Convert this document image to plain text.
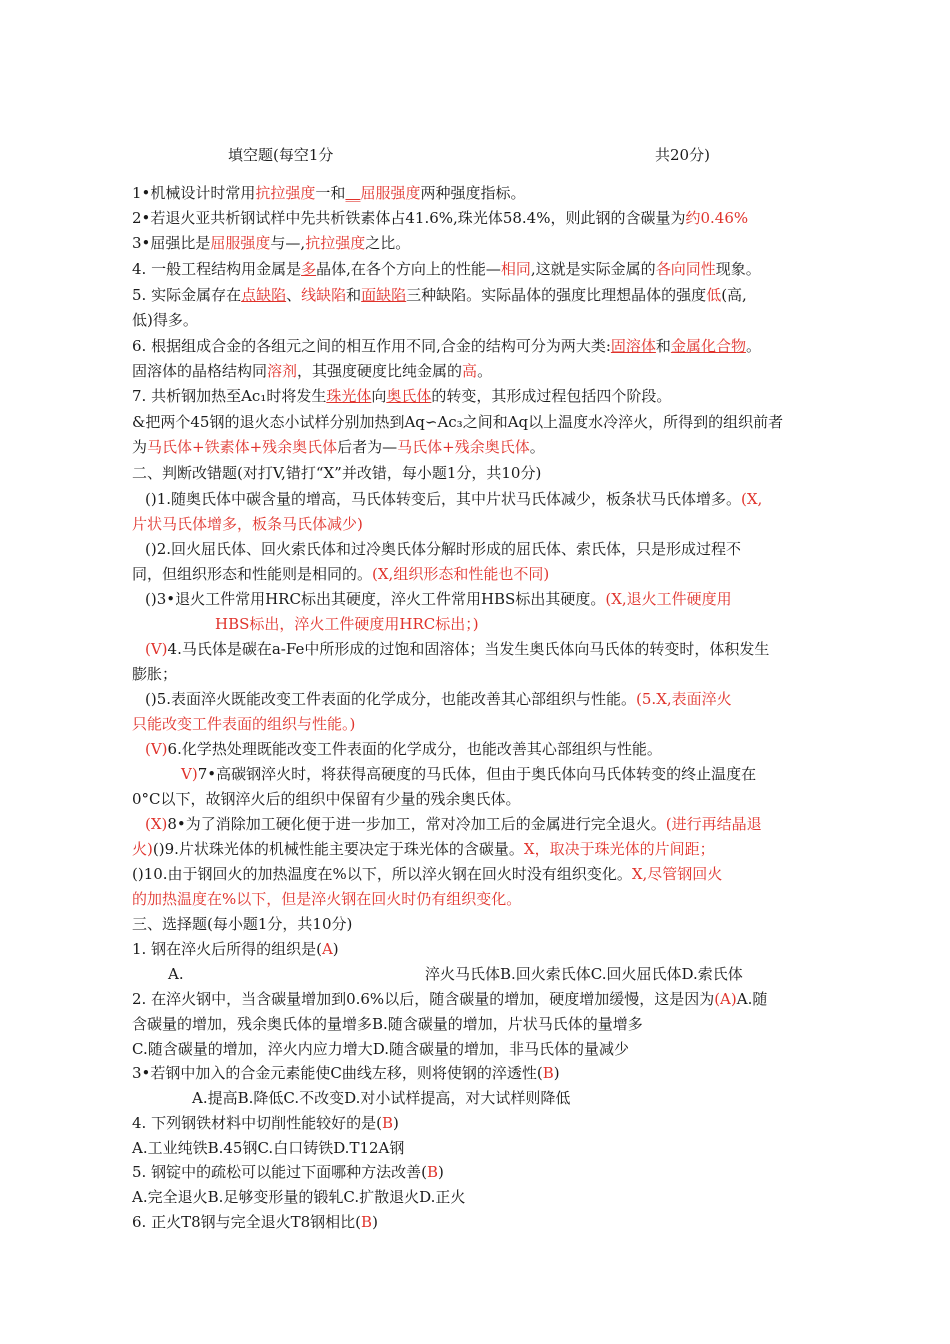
填空题(每空1分	共20分)
1•机械设计时常用抗拉强度一和__屈服强度两种强度指标。
2•若退火亚共析钢试样中先共析铁素体占41.6%,珠光体58.4%，则此钢的含碳量为约0.46%
3•屈强比是屈服强度与—,抗拉强度之比。
4. 一般工程结构用金属是多晶体,在各个方向上的性能—相同,这就是实际金属的各向同性现象。
5. 实际金属存在点缺陷、线缺陷和面缺陷三种缺陷。实际晶体的强度比理想晶体的强度低(高,
低)得多。
6. 根据组成合金的各组元之间的相互作用不同,合金的结构可分为两大类:固溶体和金属化合物。
固溶体的晶格结构同溶剂，其强度硬度比纯金属的高。
7. 共析钢加热至Ac₁时将发生珠光体向奥氏体的转变，其形成过程包括四个阶段。
&把两个45钢的退火态小试样分别加热到Aq∽Ac₃之间和Aq以上温度水冷淬火，所得到的组织前者
为马氏体+铁素体+残余奥氏体后者为—马氏体+残余奥氏体。
二、判断改错题(对打V,错打“X”并改错，每小题1分，共10分)
()1.随奥氏体中碳含量的增高，马氏体转变后，其中片状马氏体减少，板条状马氏体增多。(X,
片状马氏体增多，板条马氏体减少)
()2.回火屈氏体、回火索氏体和过冷奥氏体分解时形成的屈氏体、索氏体，只是形成过程不
同，但组织形态和性能则是相同的。(X,组织形态和性能也不同)
()3•退火工件常用HRC标出其硬度，淬火工件常用HBS标出其硬度。(X,退火工件硬度用
HBS标出，淬火工件硬度用HRC标出；)
(V)4.马氏体是碳在a-Fe中所形成的过饱和固溶体；当发生奥氏体向马氏体的转变时，体积发生
膨胀；
()5.表面淬火既能改变工件表面的化学成分，也能改善其心部组织与性能。(5.X,表面淬火
只能改变工件表面的组织与性能。)
(V)6.化学热处理既能改变工件表面的化学成分，也能改善其心部组织与性能。
V)7•高碳钢淬火时，将获得高硬度的马氏体，但由于奥氏体向马氏体转变的终止温度在
0°C以下，故钢淬火后的组织中保留有少量的残余奥氏体。
(X)8•为了消除加工硬化便于进一步加工，常对冷加工后的金属进行完全退火。(进行再结晶退
火)()9.片状珠光体的机械性能主要决定于珠光体的含碳量。X，取决于珠光体的片间距；
()10.由于钢回火的加热温度在%以下，所以淬火钢在回火时没有组织变化。X,尽管钢回火
的加热温度在%以下，但是淬火钢在回火时仍有组织变化。
三、选择题(每小题1分，共10分)
1. 钢在淬火后所得的组织是(A)
A.	淬火马氏体B.回火索氏体C.回火屈氏体D.索氏体
2. 在淬火钢中，当含碳量增加到0.6%以后，随含碳量的增加，硬度增加缓慢，这是因为(A)A.随
含碳量的增加，残余奥氏体的量增多B.随含碳量的增加，片状马氏体的量增多
C.随含碳量的增加，淬火内应力增大D.随含碳量的增加，非马氏体的量减少
3•若钢中加入的合金元素能使C曲线左移，则将使钢的淬透性(B)
A.提高B.降低C.不改变D.对小试样提高，对大试样则降低
4. 下列钢铁材料中切削性能较好的是(B)
A.工业纯铁B.45钢C.白口铸铁D.T12A钢
5. 钢锭中的疏松可以能过下面哪种方法改善(B)
A.完全退火B.足够变形量的锻轧C.扩散退火D.正火
6. 正火T8钢与完全退火T8钢相比(B)
